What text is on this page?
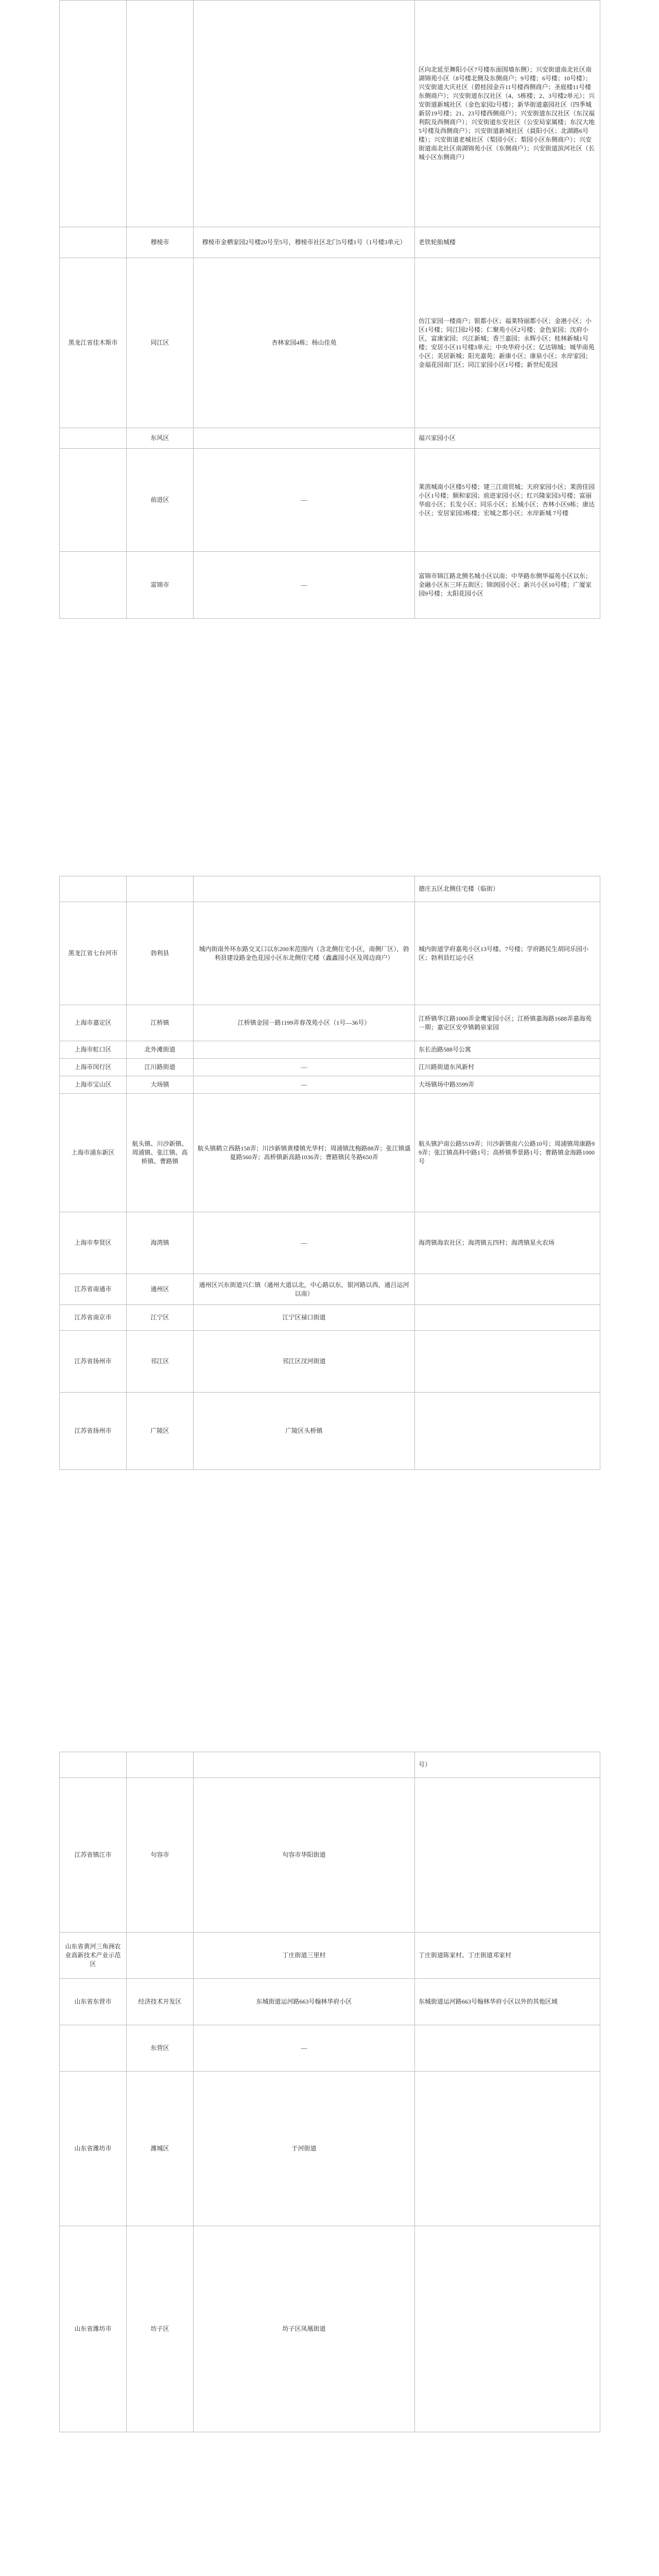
			区向北延至舞阳小区7号楼东面围墙东侧）；兴安街道南北社区南湖锦苑小区（8号楼北侧及东侧商户；9号楼；6号楼；10号楼）；兴安街道大庆社区（碧桂园金卉11号楼西侧商户；圣庭楼11号楼东侧商户）；兴安街道东汉社区（4、5栋楼；2、3号楼2单元）；兴安街道新城社区（金色家园2号楼）；新华街道嘉园社区（四季城新居19号楼；21、23号楼西侧商户）；兴安街道东汉社区（东汉福利院及西侧商户）；兴安街道东安社区（公安局家属楼；东汉大地5号楼及西侧商户）；兴安街道新城社区（晨阳小区；北湖路6号楼）；兴安街道老城社区（梨园小区；梨园小区东侧商户）；兴安街道南北社区南湖锦苑小区（东侧商户）；兴安街道滨河社区（长城小区东侧商户）
	穆棱市	穆棱市金栖家园2号楼20号至5号，穆棱市社区北门5号楼1号（1号楼3单元）	老铁轮胎城楼
黑龙江省佳木斯市	同江区	杏林家园4栋；杨山佳苑	仿江家园一楼商户；银都小区；福莱特丽都小区；金港小区；小区1号楼；同江园2号楼；仁聚苑小区2号楼；金色家园；沈府小区，富康家园；兴江新城；香兰嘉园；永辉小区；桂林新城1号楼；安居小区11号楼3单元；中央华府小区；亿达锦城；城华南苑小区；美居新城；阳光嘉苑；新康小区；康泉小区；水岸家园；金福花园南门区；同江家园小区1号楼；新世纪花园
	东风区		福兴家园小区
	前进区	—	莱茵城南小区楼5号楼；建三江商贸城；天府家园小区；莱茵佳园小区1号楼；顺和家园；前进家园小区；红兴隆家园3号楼；富丽华庭小区；长发小区；同乐小区；长城小区；杏林小区9栋；康达小区；安居家园3栋楼；宏城之都小区；水岸新城 7号楼
	富锦市	—	富锦市锦江路北侧名城小区以南；中华路东侧华福苑小区以东；金融小区东三环五街区；锦润园小区；新兴小区10号楼；广厦家园9号楼；太阳花园小区
			德庄五区北侧住宅楼（临街）
黑龙江省七台河市	勃利县	城内街南外环东路交叉口以东200米范围内（含北侧住宅小区，南侧厂区），勃利县建设路金色花园小区东北侧住宅楼（鑫鑫园小区及周边商户）	城内街道学府嘉苑小区13号楼、7号楼；学府路民生胡同乐园小区；勃利县红运小区
上海市嘉定区	江桥镇	江桥镇金园一路1199弄春茂苑小区（1号—36号）	江桥镇华江路1000弄金鹰家园小区；江桥镇嘉海路1688弄嘉海苑一期；嘉定区安亭镇鹤泉家园
上海市虹口区	北外滩街道		东长治路588号公寓
上海市闵行区	江川路街道	—	江川路街道东风新村
上海市宝山区	大场镇	—	大场镇场中路3599弄
上海市浦东新区	航头镇、川沙新镇、周浦镇、张江镇、高桥镇、曹路镇	航头镇鹤立西路158弄；川沙新镇黄楼镇光华村；周浦镇沈梅路88弄；张江镇盛夏路560弄；高桥镇新高路1036弄；曹路镇民冬路650弄	航头镇沪南公路5519弄；川沙新镇南六公路10号；周浦镇周康路99弄；张江镇高科中路1号；高桥镇季景路1号；曹路镇金海路1000号
上海市奉贤区	海湾镇	—	海湾镇海农社区；海湾镇五四村；海湾镇星火农场
江苏省南通市	通州区	通州区兴东街道兴仁镇（通州大道以北，中心路以东，银河路以西，通吕运河以南）	
江苏省南京市	江宁区	江宁区禄口街道	
江苏省扬州市	邗江区	邗江区汊河街道	
江苏省扬州市	广陵区	广陵区头桥镇	
			号）
江苏省镇江市	句容市	句容市华阳街道	
山东省黄河三角洲农业高新技术产业示范区		丁庄街道三里村	丁庄街道陈家村、丁庄街道邓家村
山东省东营市	经济技术开发区	东城街道运河路663号翰林华府小区	东城街道运河路663号翰林华府小区以外的其他区域
	东营区	—	
山东省潍坊市	潍城区	于河街道	
山东省潍坊市	坊子区	坊子区凤凰街道	
